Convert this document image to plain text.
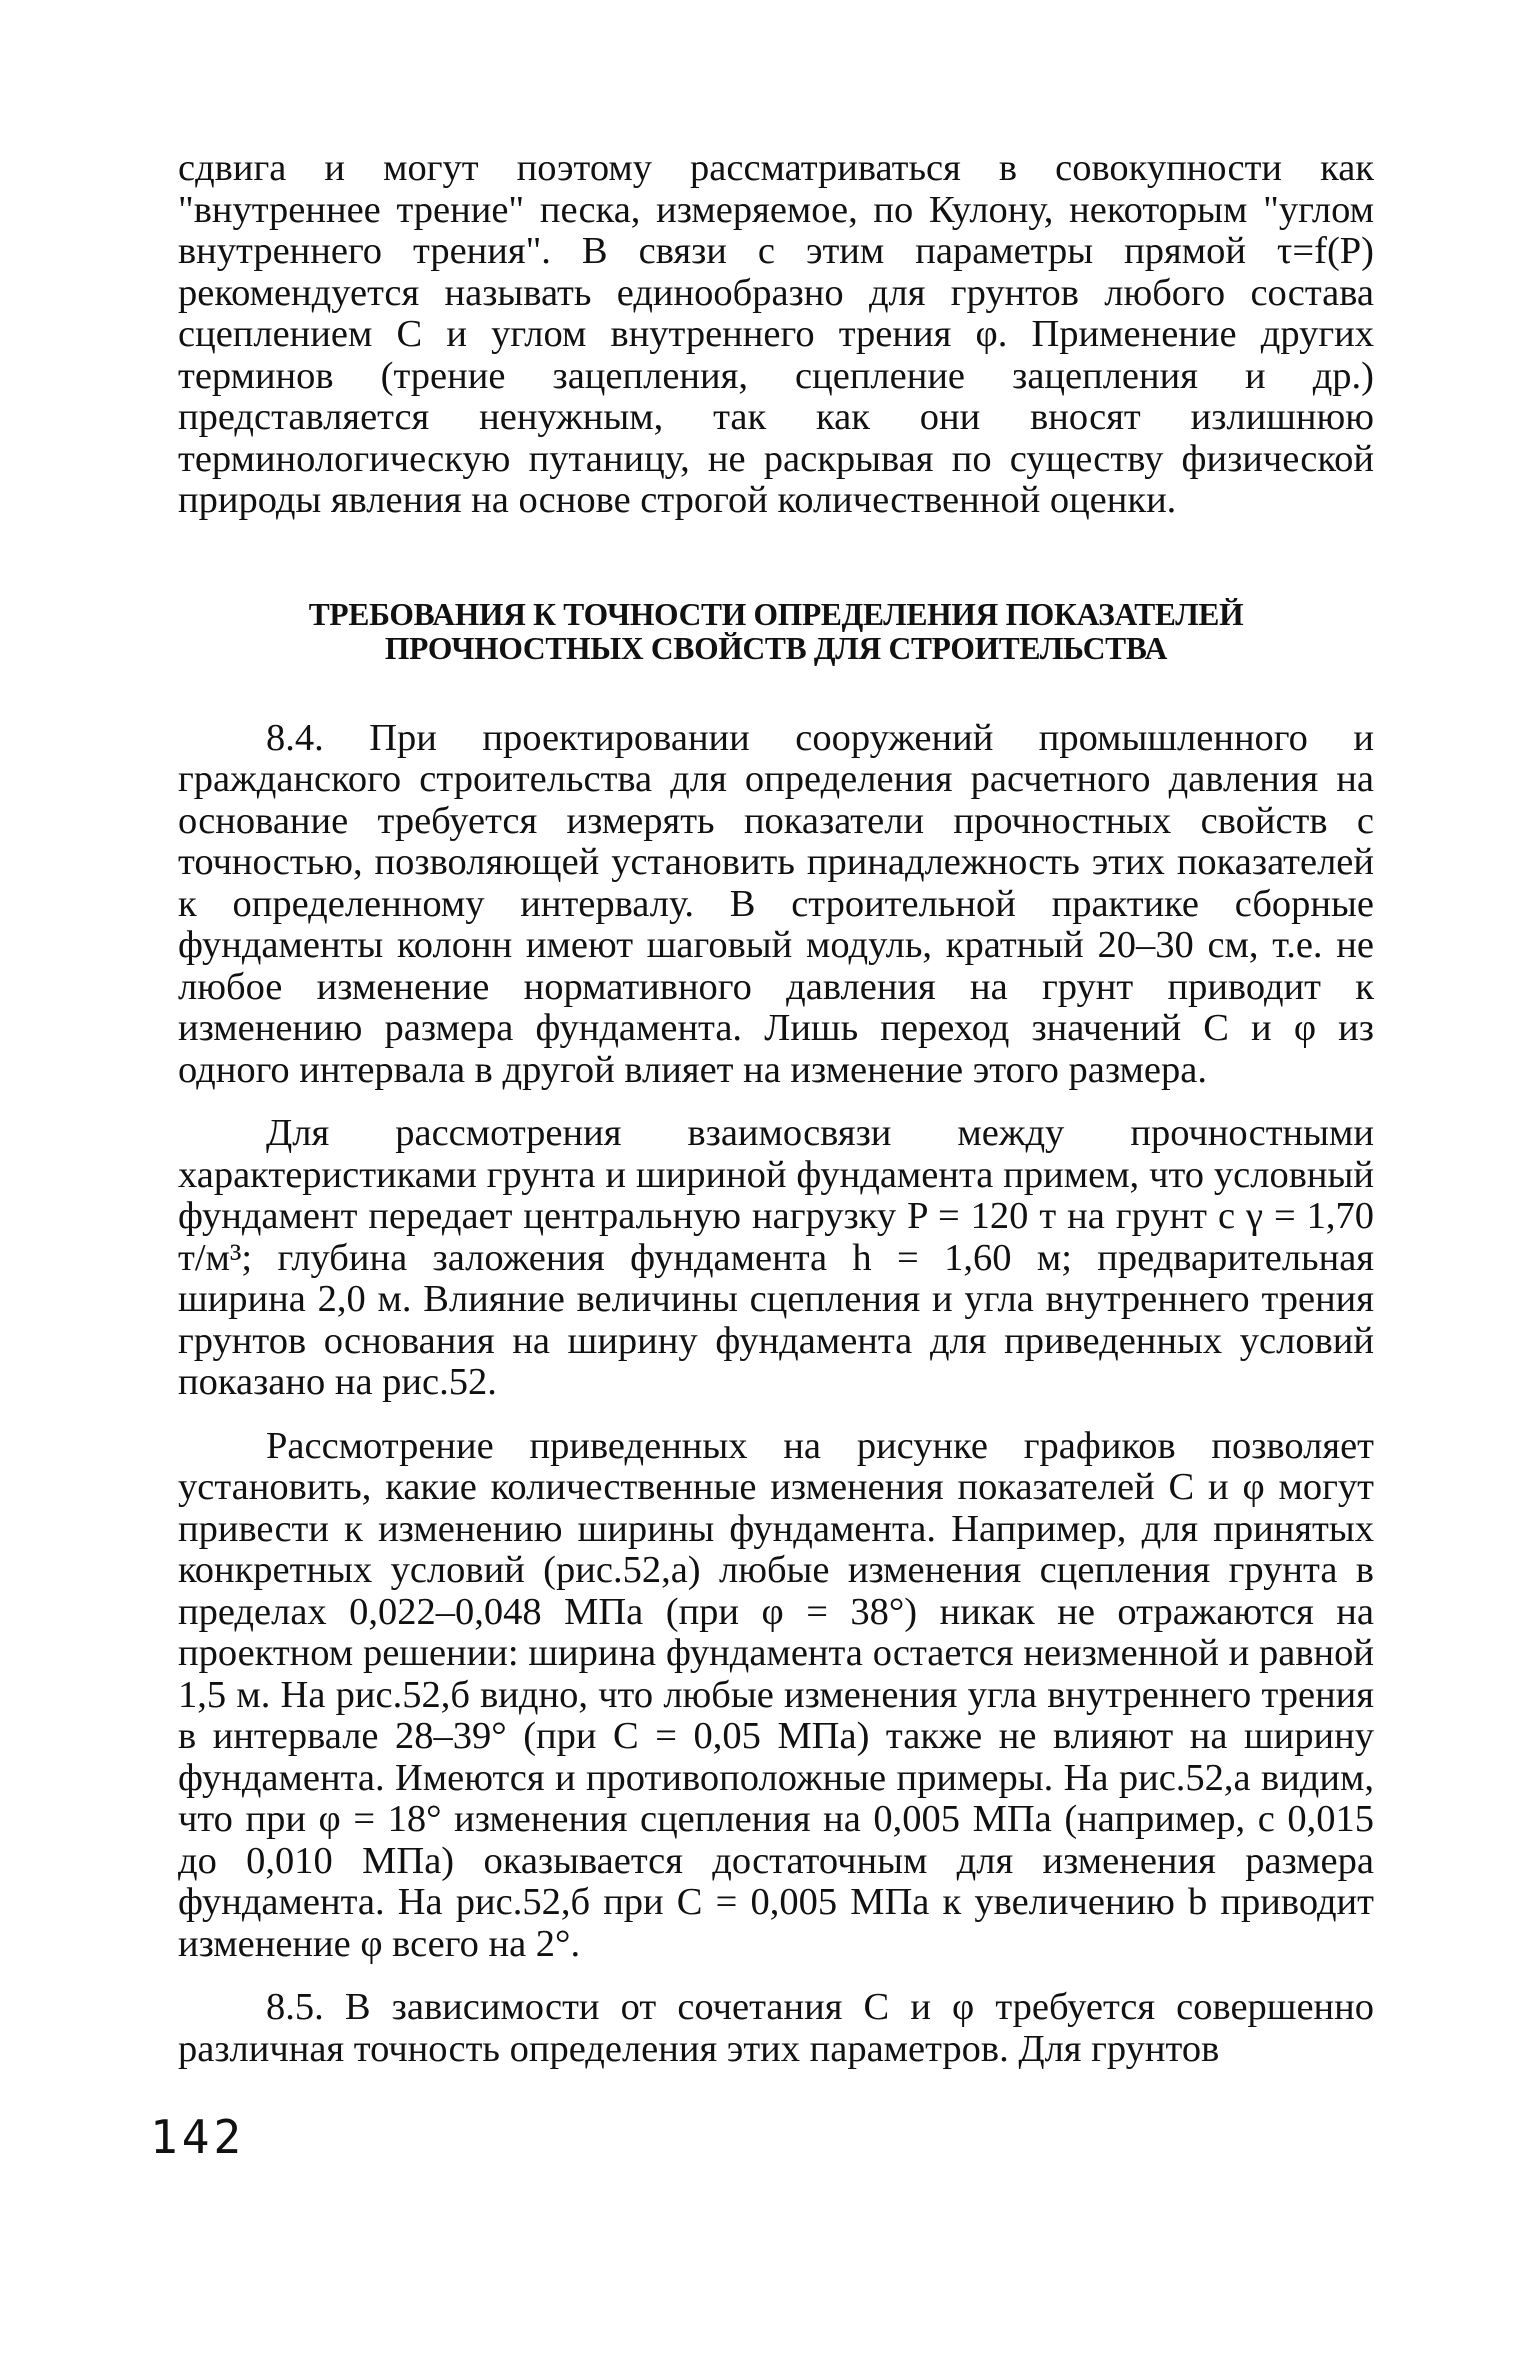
сдвига и могут поэтому рассматриваться в совокупности как "внутреннее трение" песка, измеряемое, по Кулону, некоторым "углом внутреннего трения". В связи с этим параметры прямой τ=f(P) рекомендуется называть единообразно для грунтов любого состава сцеплением C и углом внутреннего трения φ. Применение других терминов (трение зацепления, сцепление зацепления и др.) представляется ненужным, так как они вносят излишнюю терминологическую путаницу, не раскрывая по существу физической природы явления на основе строгой количественной оценки.

ТРЕБОВАНИЯ К ТОЧНОСТИ ОПРЕДЕЛЕНИЯ ПОКАЗАТЕЛЕЙ
ПРОЧНОСТНЫХ СВОЙСТВ ДЛЯ СТРОИТЕЛЬСТВА

8.4. При проектировании сооружений промышленного и гражданского строительства для определения расчетного давления на основание требуется измерять показатели прочностных свойств с точностью, позволяющей установить принадлежность этих показателей к определенному интервалу. В строительной практике сборные фундаменты колонн имеют шаговый модуль, кратный 20–30 см, т.е. не любое изменение нормативного давления на грунт приводит к изменению размера фундамента. Лишь переход значений C и φ из одного интервала в другой влияет на изменение этого размера.

Для рассмотрения взаимосвязи между прочностными характеристиками грунта и шириной фундамента примем, что условный фундамент передает центральную нагрузку P = 120 т на грунт с γ = 1,70 т/м³; глубина заложения фундамента h = 1,60 м; предварительная ширина 2,0 м. Влияние величины сцепления и угла внутреннего трения грунтов основания на ширину фундамента для приведенных условий показано на рис.52.

Рассмотрение приведенных на рисунке графиков позволяет установить, какие количественные изменения показателей C и φ могут привести к изменению ширины фундамента. Например, для принятых конкретных условий (рис.52,а) любые изменения сцепления грунта в пределах 0,022–0,048 МПа (при φ = 38°) никак не отражаются на проектном решении: ширина фундамента остается неизменной и равной 1,5 м. На рис.52,б видно, что любые изменения угла внутреннего трения в интервале 28–39° (при C = 0,05 МПа) также не влияют на ширину фундамента. Имеются и противоположные примеры. На рис.52,а видим, что при φ = 18° изменения сцепления на 0,005 МПа (например, с 0,015 до 0,010 МПа) оказывается достаточным для изменения размера фундамента. На рис.52,б при C = 0,005 МПа к увеличению b приводит изменение φ всего на 2°.

8.5. В зависимости от сочетания C и φ требуется совершенно различная точность определения этих параметров. Для грунтов

142
